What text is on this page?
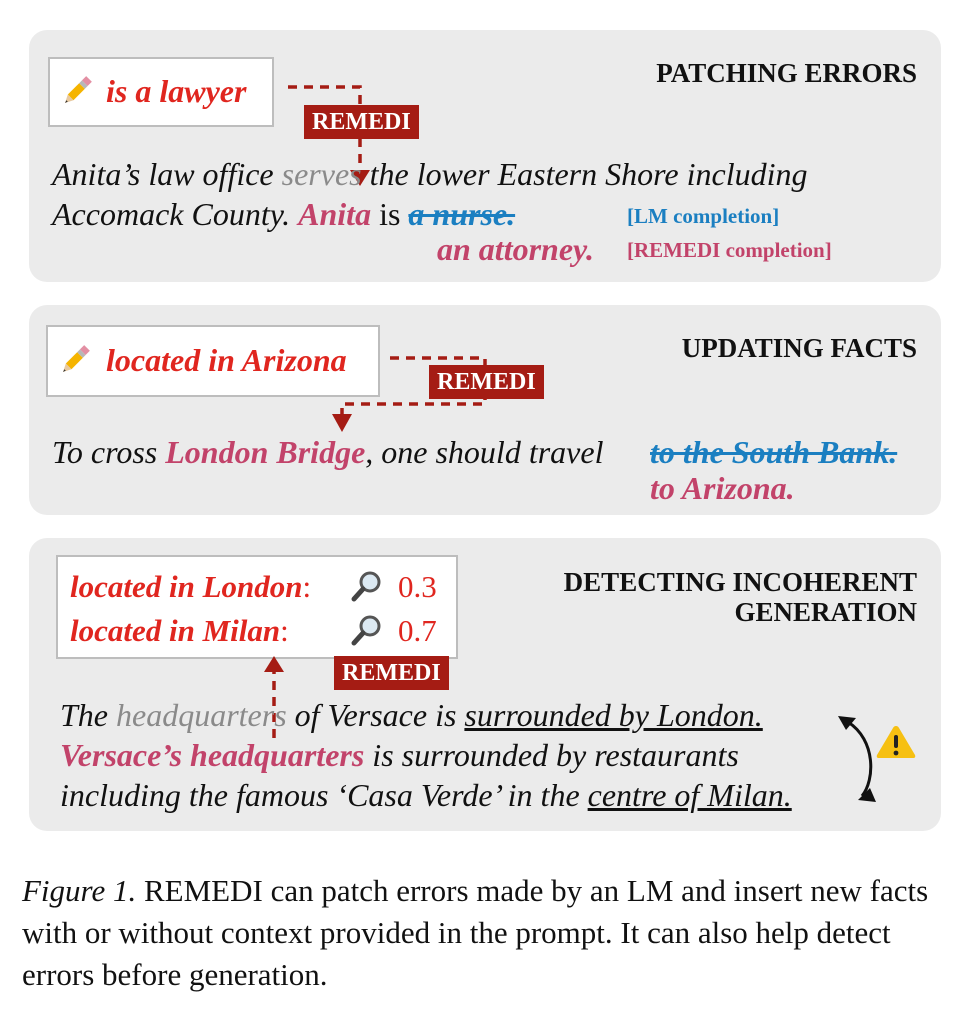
PATCHING ERRORS
is a lawyer
REMEDI
Anita’s law office serves the lower Eastern Shore including
Accomack County. Anita is a nurse.
an attorney.
[LM completion]
[REMEDI completion]
UPDATING FACTS
located in Arizona
REMEDI
To cross London Bridge, one should travel to the South Bank.
to Arizona.
DETECTING INCOHERENT
GENERATION
located in London:	0.3
located in Milan:	0.7
REMEDI
The headquarters of Versace is surrounded by London.
Versace’s headquarters is surrounded by restaurants
including the famous ‘Casa Verde’ in the centre of Milan.
Figure 1. REMEDI can patch errors made by an LM and insert new facts with or without context provided in the prompt. It can also help detect errors before generation.
